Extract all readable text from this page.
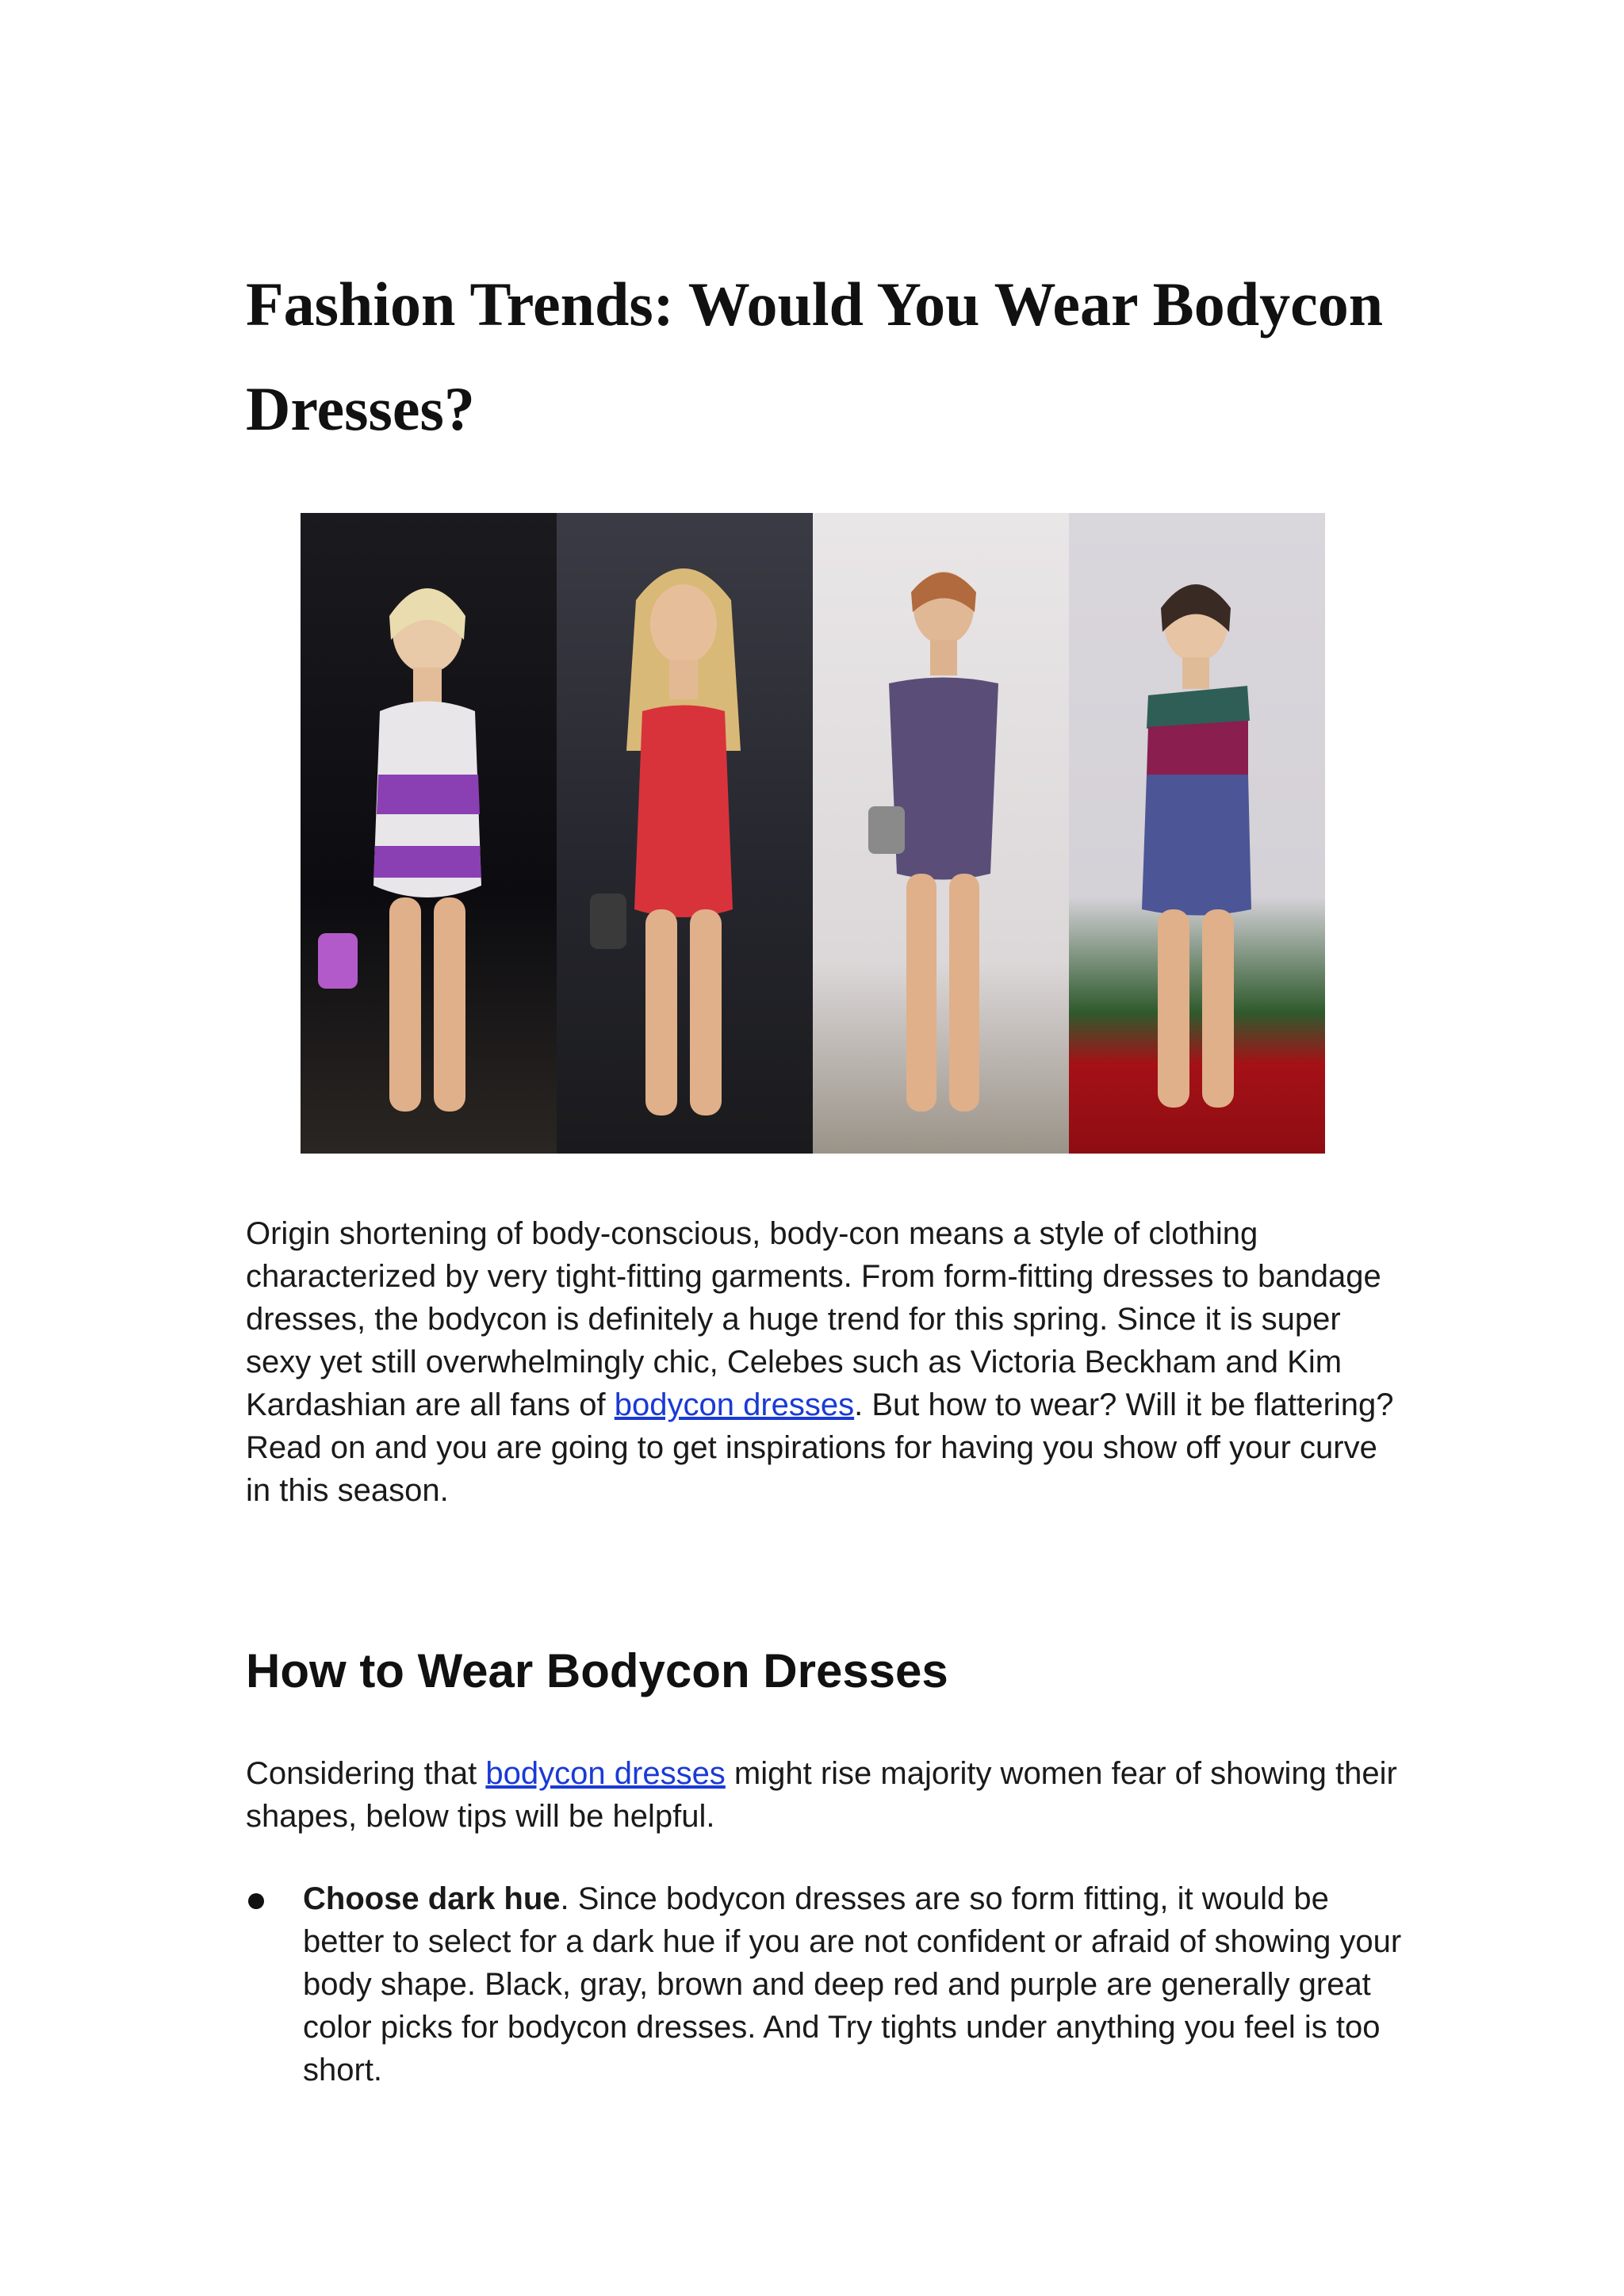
Fashion Trends: Would You Wear Bodycon Dresses?

Origin shortening of body-conscious, body-con means a style of clothing characterized by very tight-fitting garments. From form-fitting dresses to bandage dresses, the bodycon is definitely a huge trend for this spring. Since it is super sexy yet still overwhelmingly chic, Celebes such as Victoria Beckham and Kim Kardashian are all fans of bodycon dresses. But how to wear? Will it be flattering? Read on and you are going to get inspirations for having you show off your curve in this season.

How to Wear Bodycon Dresses

Considering that bodycon dresses might rise majority women fear of showing their shapes, below tips will be helpful.

Choose dark hue. Since bodycon dresses are so form fitting, it would be better to select for a dark hue if you are not confident or afraid of showing your body shape. Black, gray, brown and deep red and purple are generally great color picks for bodycon dresses. And Try tights under anything you feel is too short.
